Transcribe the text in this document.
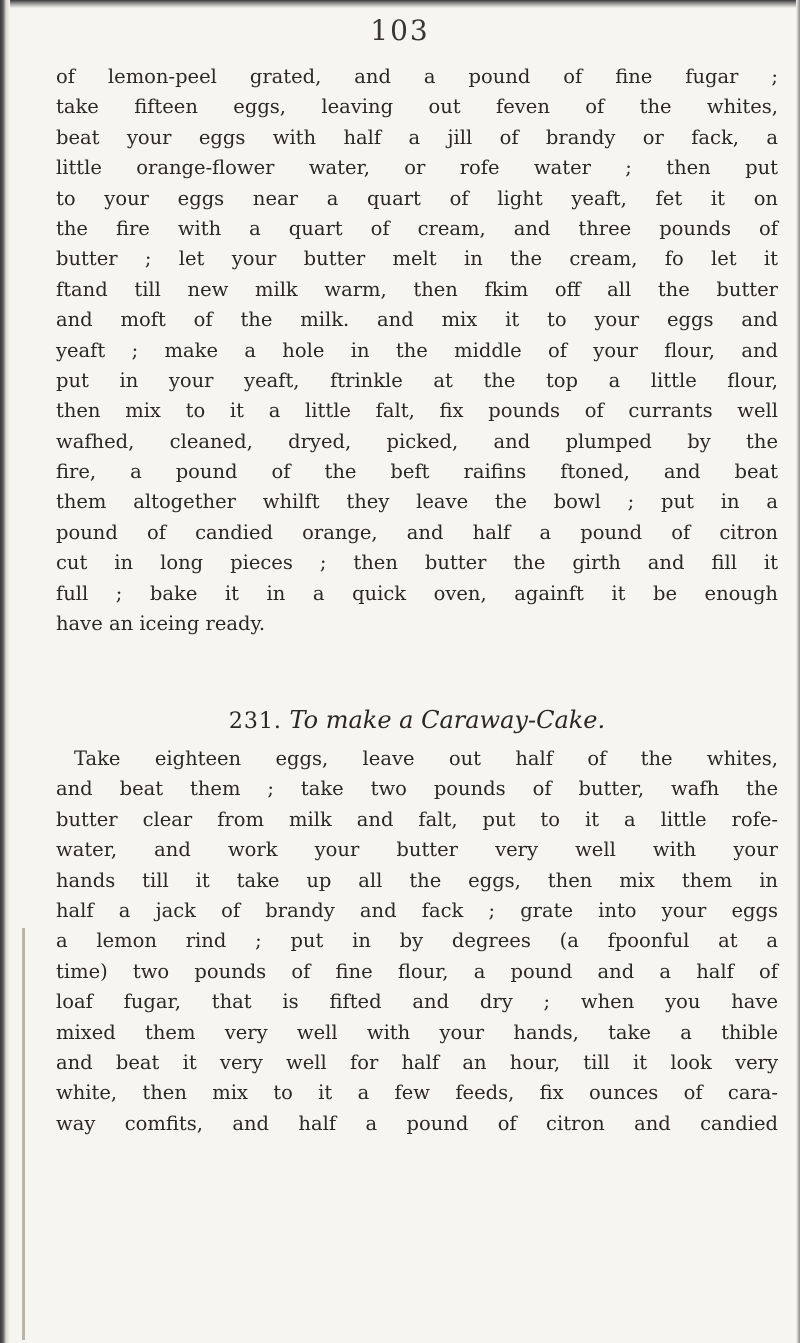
103
of lemon-peel grated, and a pound of fine fugar ;
take fifteen eggs, leaving out feven of the whites,
beat your eggs with half a jill of brandy or fack, a
little orange-flower water, or rofe water ; then put
to your eggs near a quart of light yeaft, fet it on
the fire with a quart of cream, and three pounds of
butter ; let your butter melt in the cream, fo let it
ftand till new milk warm, then fkim off all the butter
and moft of the milk. and mix it to your eggs and
yeaft ; make a hole in the middle of your flour, and
put in your yeaft, ftrinkle at the top a little flour,
then mix to it a little falt, fix pounds of currants well
wafhed, cleaned, dryed, picked, and plumped by the
fire, a pound of the beft raifins ftoned, and beat
them altogether whilft they leave the bowl ; put in a
pound of candied orange, and half a pound of citron
cut in long pieces ; then butter the girth and fill it
full ; bake it in a quick oven, againft it be enough
have an iceing ready.
231. To make a Caraway-Cake.
Take eighteen eggs, leave out half of the whites,
and beat them ; take two pounds of butter, wafh the
butter clear from milk and falt, put to it a little rofe-
water, and work your butter very well with your
hands till it take up all the eggs, then mix them in
half a jack of brandy and fack ; grate into your eggs
a lemon rind ; put in by degrees (a fpoonful at a
time) two pounds of fine flour, a pound and a half of
loaf fugar, that is fifted and dry ; when you have
mixed them very well with your hands, take a thible
and beat it very well for half an hour, till it look very
white, then mix to it a few feeds, fix ounces of cara-
way comfits, and half a pound of citron and candied
